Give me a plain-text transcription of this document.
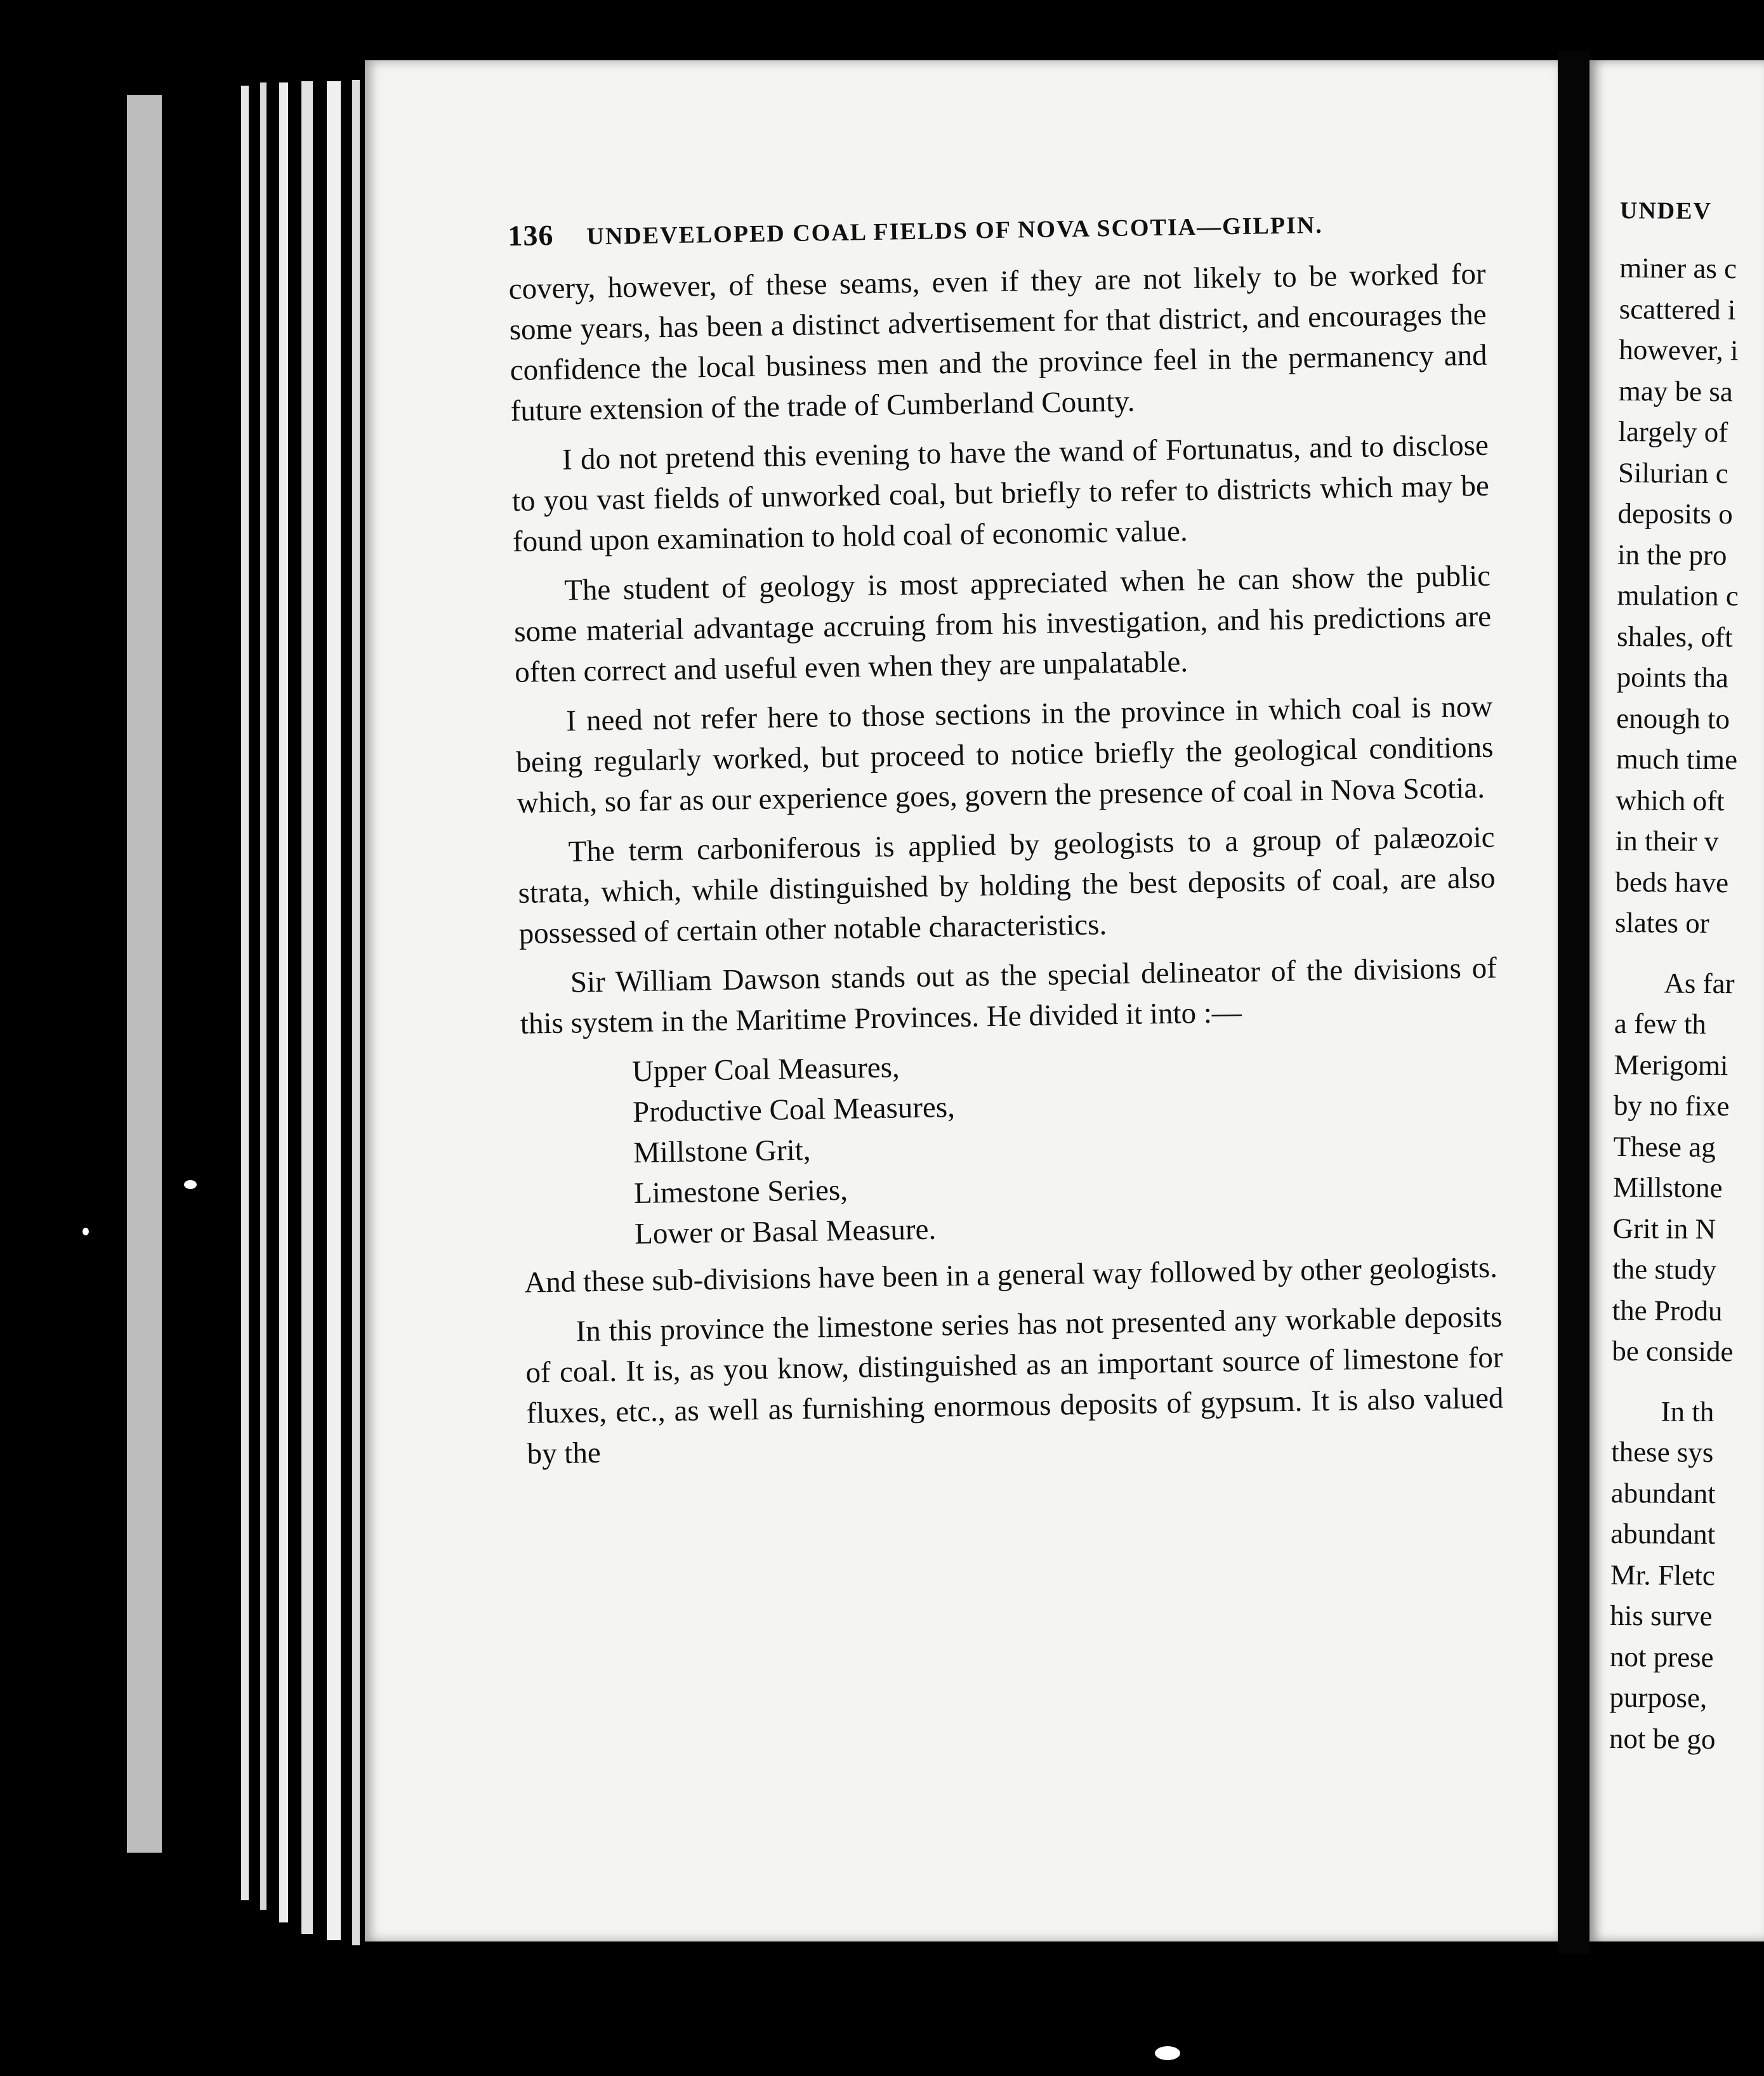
136 UNDEVELOPED COAL FIELDS OF NOVA SCOTIA—GILPIN.

covery, however, of these seams, even if they are not likely to be worked for some years, has been a distinct advertisement for that district, and encourages the confidence the local business men and the province feel in the permanency and future extension of the trade of Cumberland County.

I do not pretend this evening to have the wand of Fortunatus, and to disclose to you vast fields of unworked coal, but briefly to refer to districts which may be found upon examination to hold coal of economic value.

The student of geology is most appreciated when he can show the public some material advantage accruing from his investigation, and his predictions are often correct and useful even when they are unpalatable.

I need not refer here to those sections in the province in which coal is now being regularly worked, but proceed to notice briefly the geological conditions which, so far as our experience goes, govern the presence of coal in Nova Scotia.

The term carboniferous is applied by geologists to a group of palæozoic strata, which, while distinguished by holding the best deposits of coal, are also possessed of certain other notable characteristics.

Sir William Dawson stands out as the special delineator of the divisions of this system in the Maritime Provinces. He divided it into :—

Upper Coal Measures,
Productive Coal Measures,
Millstone Grit,
Limestone Series,
Lower or Basal Measure.

And these sub-divisions have been in a general way followed by other geologists.

In this province the limestone series has not presented any workable deposits of coal. It is, as you know, distinguished as an important source of limestone for fluxes, etc., as well as furnishing enormous deposits of gypsum. It is also valued by the

UNDEV
miner as c
scattered i
however, i
may be sa
largely of
Silurian c
deposits o
in the pro
mulation c
shales, oft
points tha
enough to
much time
which oft
in their v
beds have
slates or
As far
a few th
Merigomi
by no fixe
These ag
Millstone
Grit in N
the study
the Produ
be conside
In th
these sys
abundant
abundant
Mr. Fletc
his surve
not prese
purpose,
not be go
